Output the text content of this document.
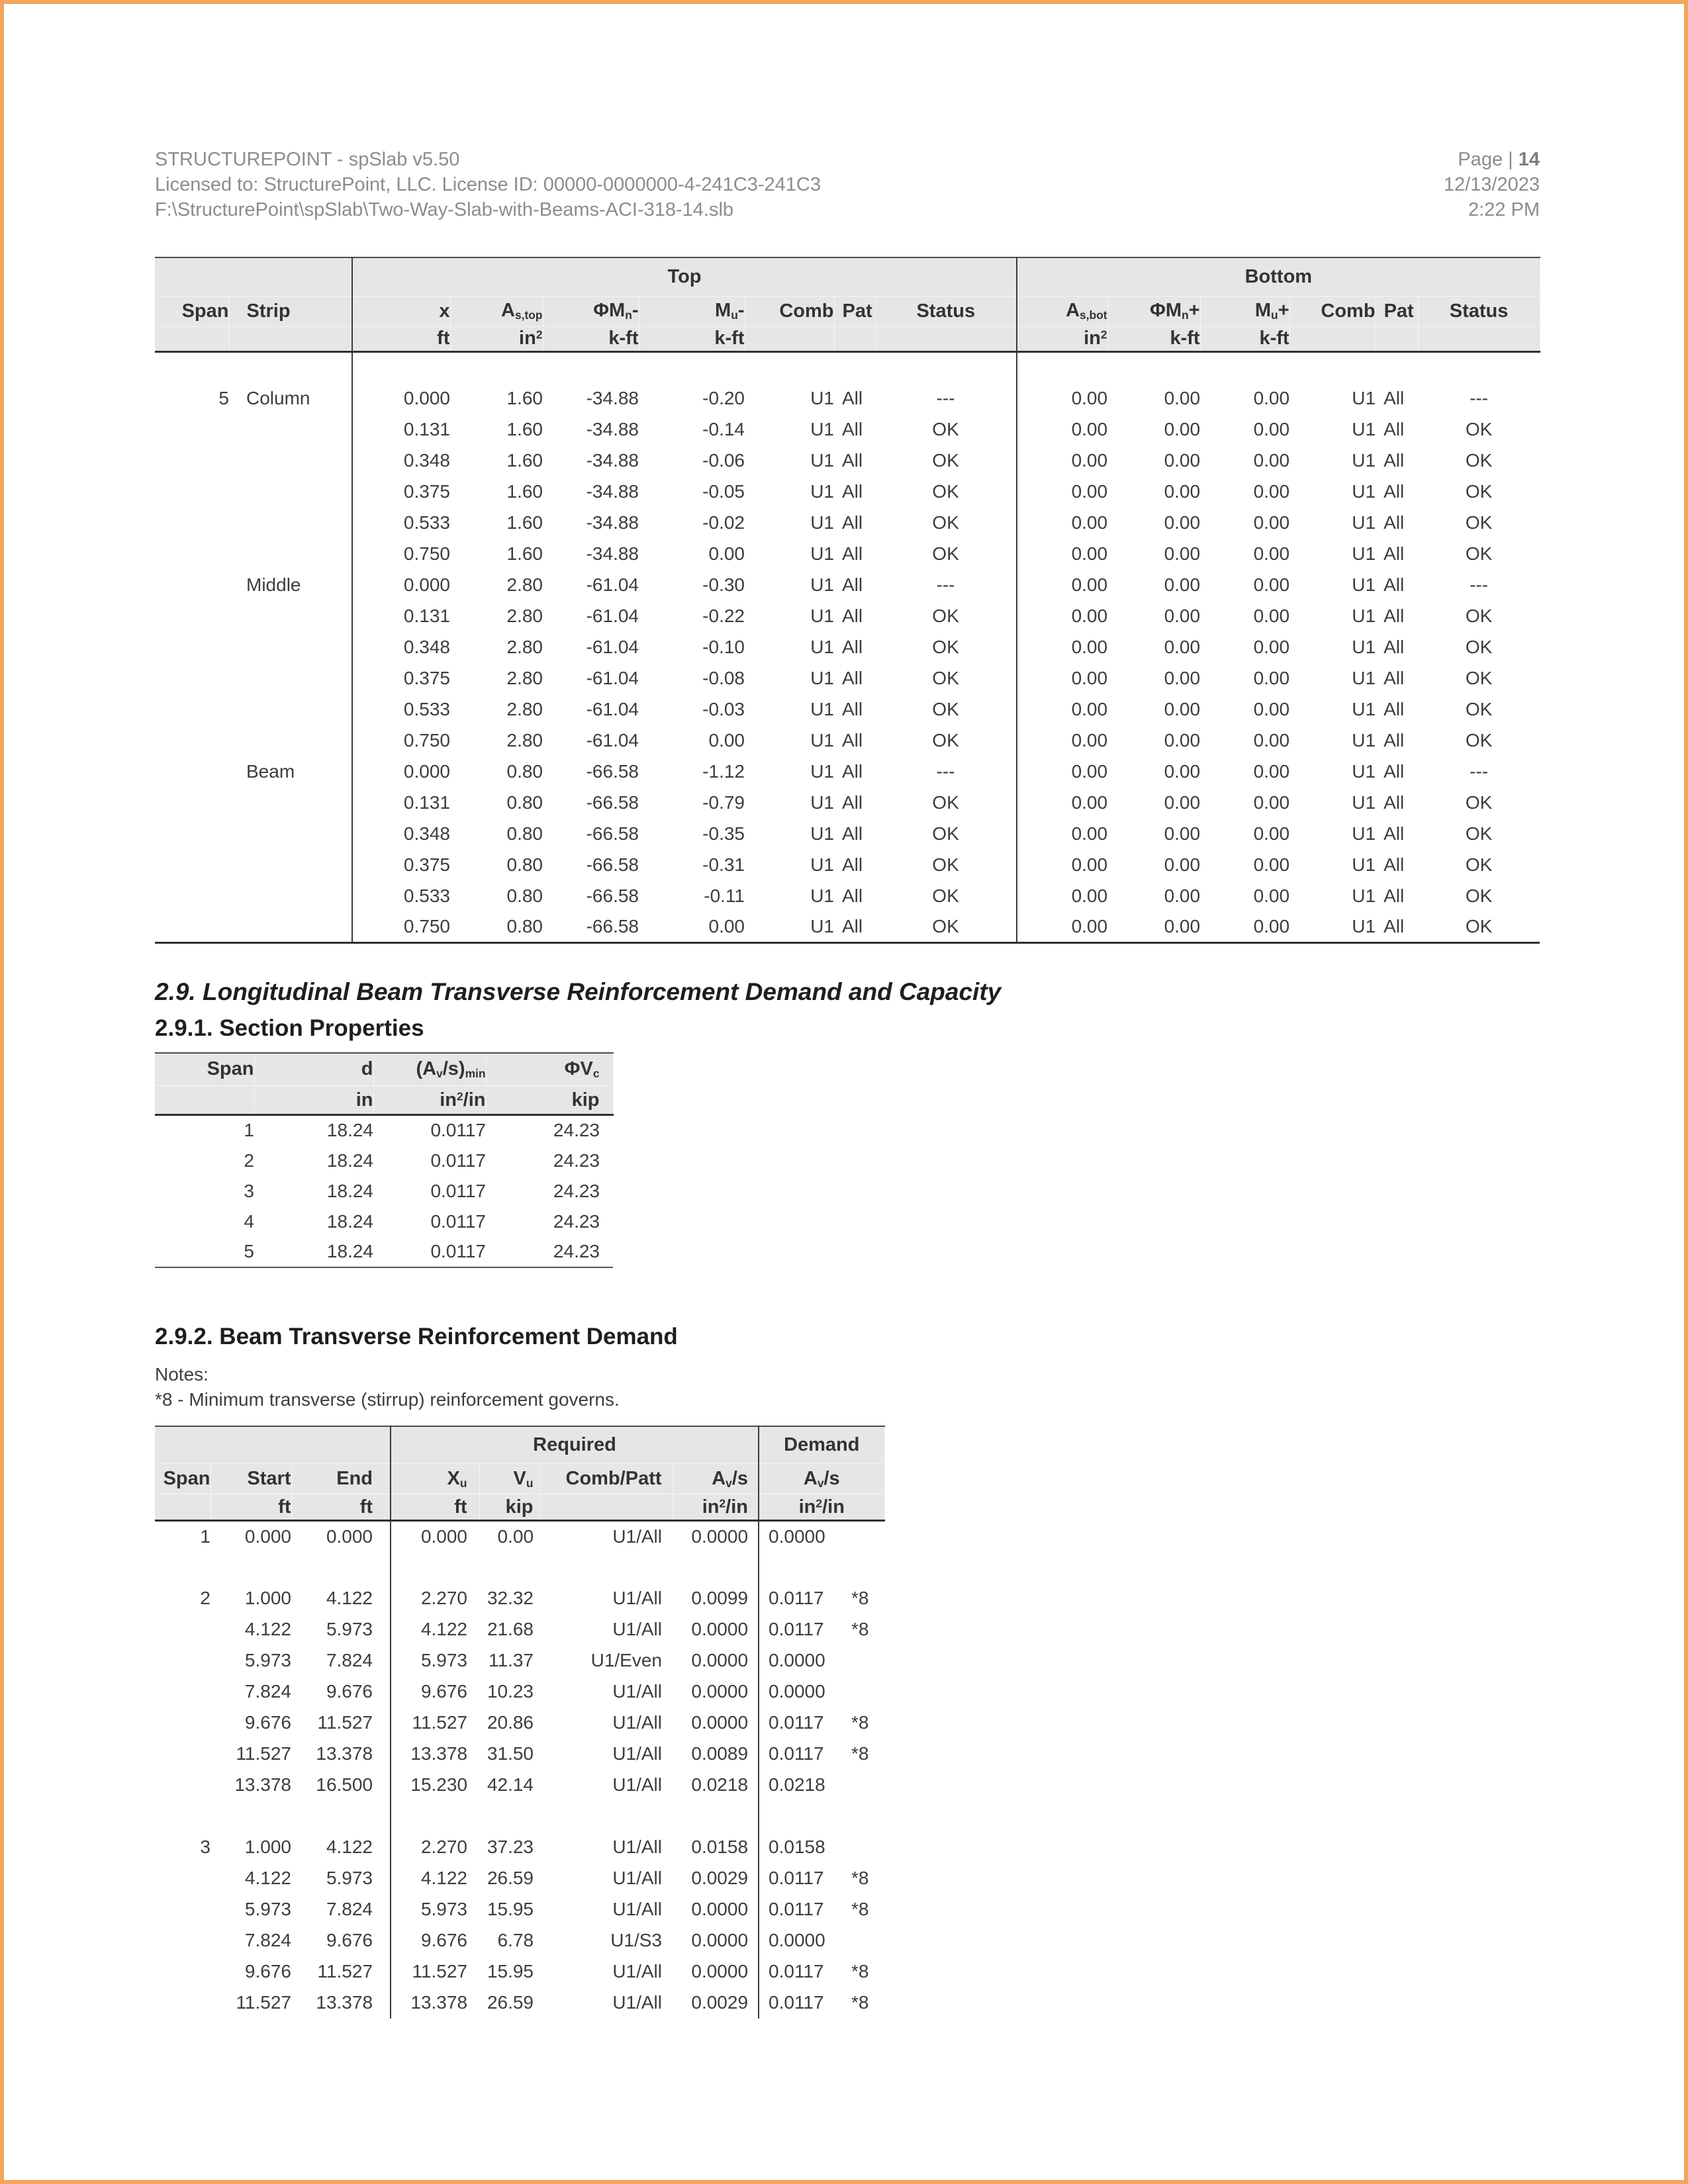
STRUCTUREPOINT - spSlab v5.50
Licensed to: StructurePoint, LLC. License ID: 00000-0000000-4-241C3-241C3
F:\StructurePoint\spSlab\Two-Way-Slab-with-Beams-ACI-318-14.slb
Page | 14
12/13/2023
2:22 PM
		Top							Bottom					
Span	Strip	x	$A_{s,top}$	$\Phi M_n-$	$M_u-$	Comb	Pat	Status	$A_{s,bot}$	$\Phi M_n+$	$M_u+$	Comb	Pat	Status
		ft	$in^2$	k-ft	k-ft				$in^2$	k-ft	k-ft			

5	Column	0.000	1.60	-34.88	-0.20	U1	All	---	0.00	0.00	0.00	U1	All	---
		0.131	1.60	-34.88	-0.14	U1	All	OK	0.00	0.00	0.00	U1	All	OK
		0.348	1.60	-34.88	-0.06	U1	All	OK	0.00	0.00	0.00	U1	All	OK
		0.375	1.60	-34.88	-0.05	U1	All	OK	0.00	0.00	0.00	U1	All	OK
		0.533	1.60	-34.88	-0.02	U1	All	OK	0.00	0.00	0.00	U1	All	OK
		0.750	1.60	-34.88	0.00	U1	All	OK	0.00	0.00	0.00	U1	All	OK
	Middle	0.000	2.80	-61.04	-0.30	U1	All	---	0.00	0.00	0.00	U1	All	---
		0.131	2.80	-61.04	-0.22	U1	All	OK	0.00	0.00	0.00	U1	All	OK
		0.348	2.80	-61.04	-0.10	U1	All	OK	0.00	0.00	0.00	U1	All	OK
		0.375	2.80	-61.04	-0.08	U1	All	OK	0.00	0.00	0.00	U1	All	OK
		0.533	2.80	-61.04	-0.03	U1	All	OK	0.00	0.00	0.00	U1	All	OK
		0.750	2.80	-61.04	0.00	U1	All	OK	0.00	0.00	0.00	U1	All	OK
	Beam	0.000	0.80	-66.58	-1.12	U1	All	---	0.00	0.00	0.00	U1	All	---
		0.131	0.80	-66.58	-0.79	U1	All	OK	0.00	0.00	0.00	U1	All	OK
		0.348	0.80	-66.58	-0.35	U1	All	OK	0.00	0.00	0.00	U1	All	OK
		0.375	0.80	-66.58	-0.31	U1	All	OK	0.00	0.00	0.00	U1	All	OK
		0.533	0.80	-66.58	-0.11	U1	All	OK	0.00	0.00	0.00	U1	All	OK
		0.750	0.80	-66.58	0.00	U1	All	OK	0.00	0.00	0.00	U1	All	OK
2.9. Longitudinal Beam Transverse Reinforcement Demand and Capacity
2.9.1. Section Properties
Span	d	$(A_v/s)_{min}$	$\Phi V_c$
	in	$in^2/in$	kip
1	18.24	0.0117	24.23
2	18.24	0.0117	24.23
3	18.24	0.0117	24.23
4	18.24	0.0117	24.23
5	18.24	0.0117	24.23
2.9.2. Beam Transverse Reinforcement Demand
Notes:
*8 - Minimum transverse (stirrup) reinforcement governs.
			Required				Demand	
Span	Start	End	$X_u$	$V_u$	Comb/Patt	$A_v/s$	$A_v/s$	
	ft	ft	ft	kip		$in^2/in$	$in^2/in$	
1	0.000	0.000	0.000	0.00	U1/All	0.0000	0.0000	

2	1.000	4.122	2.270	32.32	U1/All	0.0099	0.0117	*8
	4.122	5.973	4.122	21.68	U1/All	0.0000	0.0117	*8
	5.973	7.824	5.973	11.37	U1/Even	0.0000	0.0000	
	7.824	9.676	9.676	10.23	U1/All	0.0000	0.0000	
	9.676	11.527	11.527	20.86	U1/All	0.0000	0.0117	*8
	11.527	13.378	13.378	31.50	U1/All	0.0089	0.0117	*8
	13.378	16.500	15.230	42.14	U1/All	0.0218	0.0218	

3	1.000	4.122	2.270	37.23	U1/All	0.0158	0.0158	
	4.122	5.973	4.122	26.59	U1/All	0.0029	0.0117	*8
	5.973	7.824	5.973	15.95	U1/All	0.0000	0.0117	*8
	7.824	9.676	9.676	6.78	U1/S3	0.0000	0.0000	
	9.676	11.527	11.527	15.95	U1/All	0.0000	0.0117	*8
	11.527	13.378	13.378	26.59	U1/All	0.0029	0.0117	*8
